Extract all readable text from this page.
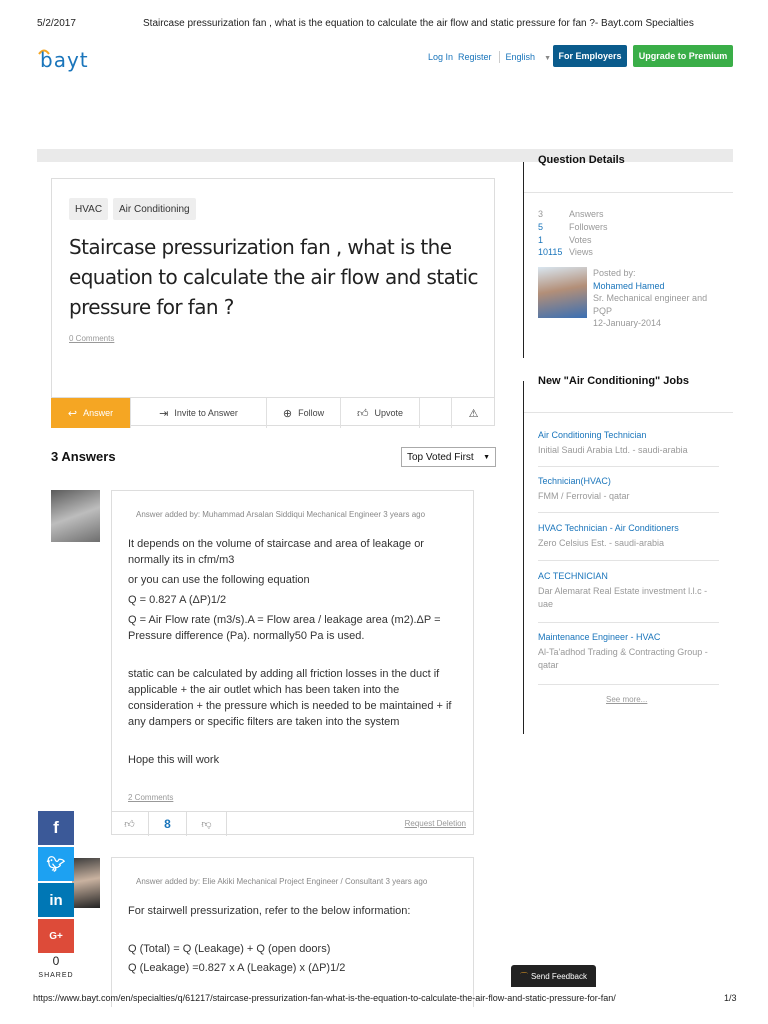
5/2/2017	Staircase pressurization fan , what is the equation to calculate the air flow and static pressure for fan ?- Bayt.com Specialties
bayt	Log In Register English ▼ For Employers	Upgrade to Premium
HVAC	Air Conditioning
Staircase pressurization fan , what is the equation to calculate the air flow and static pressure for fan ?
0 Comments
↩ Answer	⇥ Invite to Answer	⊕ Follow	👍︎ Upvote	⚠
3 Answers	Top Voted First ▼
Answer added by: Muhammad Arsalan Siddiqui Mechanical Engineer 3 years ago

It depends on the volume of staircase and area of leakage or normally its in cfm/m3

or you can use the following equation

Q = 0.827 A (ΔP)1/2

Q = Air Flow rate (m3/s).A = Flow area / leakage area (m2).ΔP = Pressure difference (Pa). normally50 Pa is used.

static can be calculated by adding all friction losses in the duct if applicable + the air outlet which has been taken into the consideration + the pressure which is needed to be maintained + if any dampers or specific filters are taken into the system

Hope this will work

2 Comments
👍︎	8	👎︎	Request Deletion
Answer added by: Elie Akiki Mechanical Project Engineer / Consultant 3 years ago

For stairwell pressurization, refer to the below information:

Q (Total) = Q (Leakage) + Q (open doors)

Q (Leakage) =0.827 x A (Leakage) x (ΔP)1/2

Question Details
3	Answers
5	Followers
1	Votes
10115 Views
Posted by:
Mohamed Hamed
Sr. Mechanical engineer and PQP
12-January-2014
New "Air Conditioning" Jobs
Air Conditioning Technician
Initial Saudi Arabia Ltd. - saudi-arabia
Technician(HVAC)
FMM / Ferrovial - qatar
HVAC Technician - Air Conditioners
Zero Celsius Est. - saudi-arabia
AC TECHNICIAN
Dar Alemarat Real Estate investment l.l.c - uae
Maintenance Engineer - HVAC
Al-Ta'adhod Trading & Contracting Group - qatar
See more...
f
🐦︎
in
G+
0
SHARED	⌒ Send Feedback
https://www.bayt.com/en/specialties/q/61217/staircase-pressurization-fan-what-is-the-equation-to-calculate-the-air-flow-and-static-pressure-for-fan/	1/3
